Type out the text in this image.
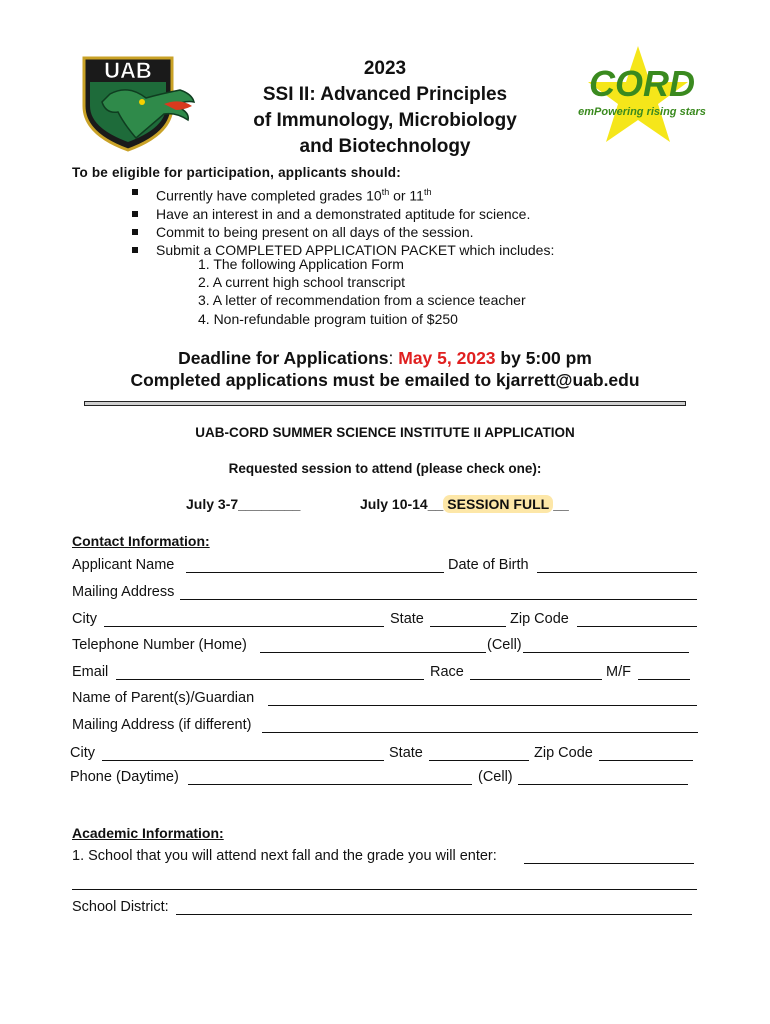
UAB	CORD
emPowering rising stars
2023
SSI II: Advanced Principles
of Immunology, Microbiology
and Biotechnology
To be eligible for participation, applicants should:
Currently have completed grades 10th or 11th
Have an interest in and a demonstrated aptitude for science.
Commit to being present on all days of the session.
Submit a COMPLETED APPLICATION PACKET which includes:
1. The following Application Form
2. A current high school transcript
3. A letter of recommendation from a science teacher
4. Non-refundable program tuition of $250
Deadline for Applications: May 5, 2023 by 5:00 pm
Completed applications must be emailed to kjarrett@uab.edu
UAB-CORD SUMMER SCIENCE INSTITUTE II APPLICATION
Requested session to attend (please check one):
July 3-7________	July 10-14__ SESSION FULL __
Contact Information:
Applicant Name	Date of Birth
Mailing Address
City	State	Zip Code
Telephone Number (Home)	(Cell)
Email	Race	M/F
Name of Parent(s)/Guardian
Mailing Address (if different)
City	State	Zip Code
Phone (Daytime)	(Cell)
Academic Information:
1. School that you will attend next fall and the grade you will enter:
School District:
